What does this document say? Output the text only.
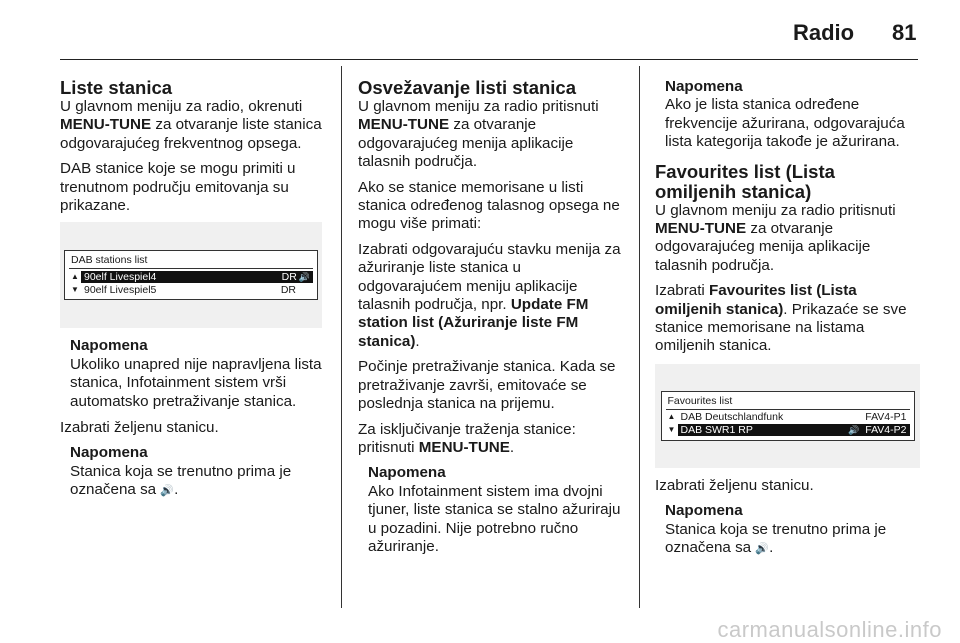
Radio 81
Liste stanica

U glavnom meniju za radio, okrenuti MENU-TUNE za otvaranje liste stanica odgovarajućeg frekventnog opsega.

DAB stanice koje se mogu primiti u trenutnom području emitovanja su prikazane.

DAB stations list
▲ 90elf Livespiel4	DR 🔊
▼ 90elf Livespiel5	DR
Napomena
Ukoliko unapred nije napravljena lista stanica, Infotainment sistem vrši automatsko pretraživanje stanica.

Izabrati željenu stanicu.

Napomena
Stanica koja se trenutno prima je označena sa 🔊.
Osvežavanje listi stanica

U glavnom meniju za radio pritisnuti MENU-TUNE za otvaranje odgovarajućeg menija aplikacije talasnih područja.

Ako se stanice memorisane u listi stanica određenog talasnog opsega ne mogu više primati:

Izabrati odgovarajuću stavku menija za ažuriranje liste stanica u odgovarajućem meniju aplikacije talasnih područja, npr. Update FM station list (Ažuriranje liste FM stanica).

Počinje pretraživanje stanica. Kada se pretraživanje završi, emitovaće se poslednja stanica na prijemu.

Za isključivanje traženja stanice: pritisnuti MENU-TUNE.

Napomena
Ako Infotainment sistem ima dvojni tjuner, liste stanica se stalno ažuriraju u pozadini. Nije potrebno ručno ažuriranje.
Napomena
Ako je lista stanica određene frekvencije ažurirana, odgovarajuća lista kategorija takođe je ažurirana.
Favourites list (Lista omiljenih stanica)

U glavnom meniju za radio pritisnuti MENU-TUNE za otvaranje odgovarajućeg menija aplikacije talasnih područja.

Izabrati Favourites list (Lista omiljenih stanica). Prikazaće se sve stanice memorisane na listama omiljenih stanica.

Favourites list
▲ DAB Deutschlandfunk	FAV4-P1
▼ DAB SWR1 RP	🔊 FAV4-P2

Izabrati željenu stanicu.

Napomena
Stanica koja se trenutno prima je označena sa 🔊.
carmanualsonline.info
